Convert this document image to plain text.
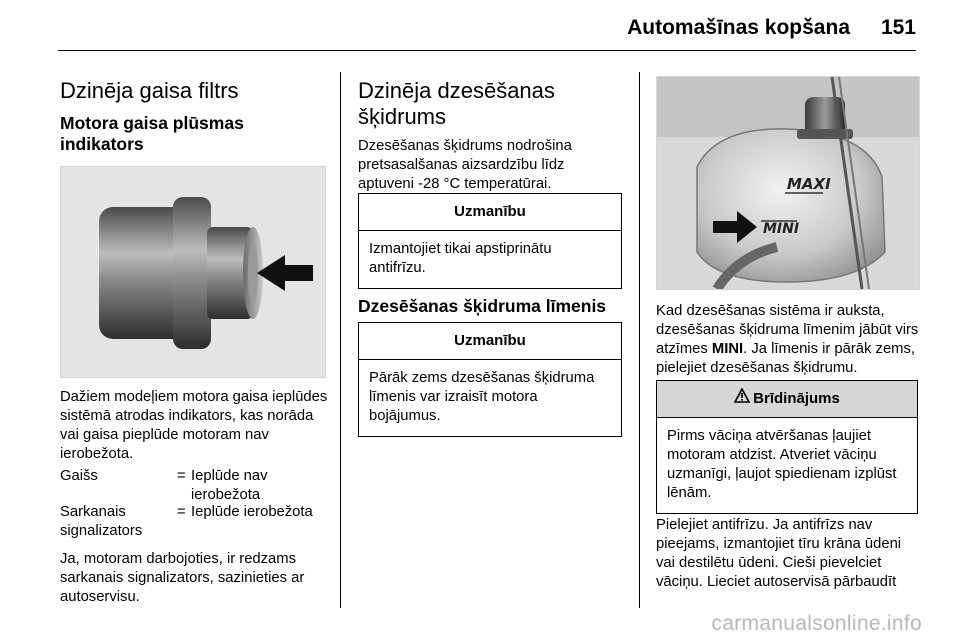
Automašīnas kopšana 151
Dzinēja gaisa filtrs
Motora gaisa plūsmas indikators
Dažiem modeļiem motora gaisa ieplūdes sistēmā atrodas indikators, kas norāda vai gaisa pieplūde motoram nav ierobežota.
Gaišs	= Ieplūde nav ierobežota
Sarkanais signalizators
= Ieplūde ierobežota
Ja, motoram darbojoties, ir redzams sarkanais signalizators, sazinieties ar autoservisu.
Dzinēja dzesēšanas šķidrums
Dzesēšanas šķidrums nodrošina pretsasalšanas aizsardzību līdz aptuveni -28 °C temperatūrai.
Uzmanību
Izmantojiet tikai apstiprinātu antifrīzu.
Dzesēšanas šķidruma līmenis
Uzmanību
Pārāk zems dzesēšanas šķidruma līmenis var izraisīt motora bojājumus.
MAXI
MINI
Kad dzesēšanas sistēma ir auksta, dzesēšanas šķidruma līmenim jābūt virs atzīmes MINI. Ja līmenis ir pārāk zems, pielejiet dzesēšanas šķidrumu.
Brīdinājums
Pirms vāciņa atvēršanas ļaujiet motoram atdzist. Atveriet vāciņu uzmanīgi, ļaujot spiedienam izplūst lēnām.
Pielejiet antifrīzu. Ja antifrīzs nav pieejams, izmantojiet tīru krāna ūdeni vai destilētu ūdeni. Cieši pievelciet vāciņu. Lieciet autoservisā pārbaudīt
carmanualsonline.info
